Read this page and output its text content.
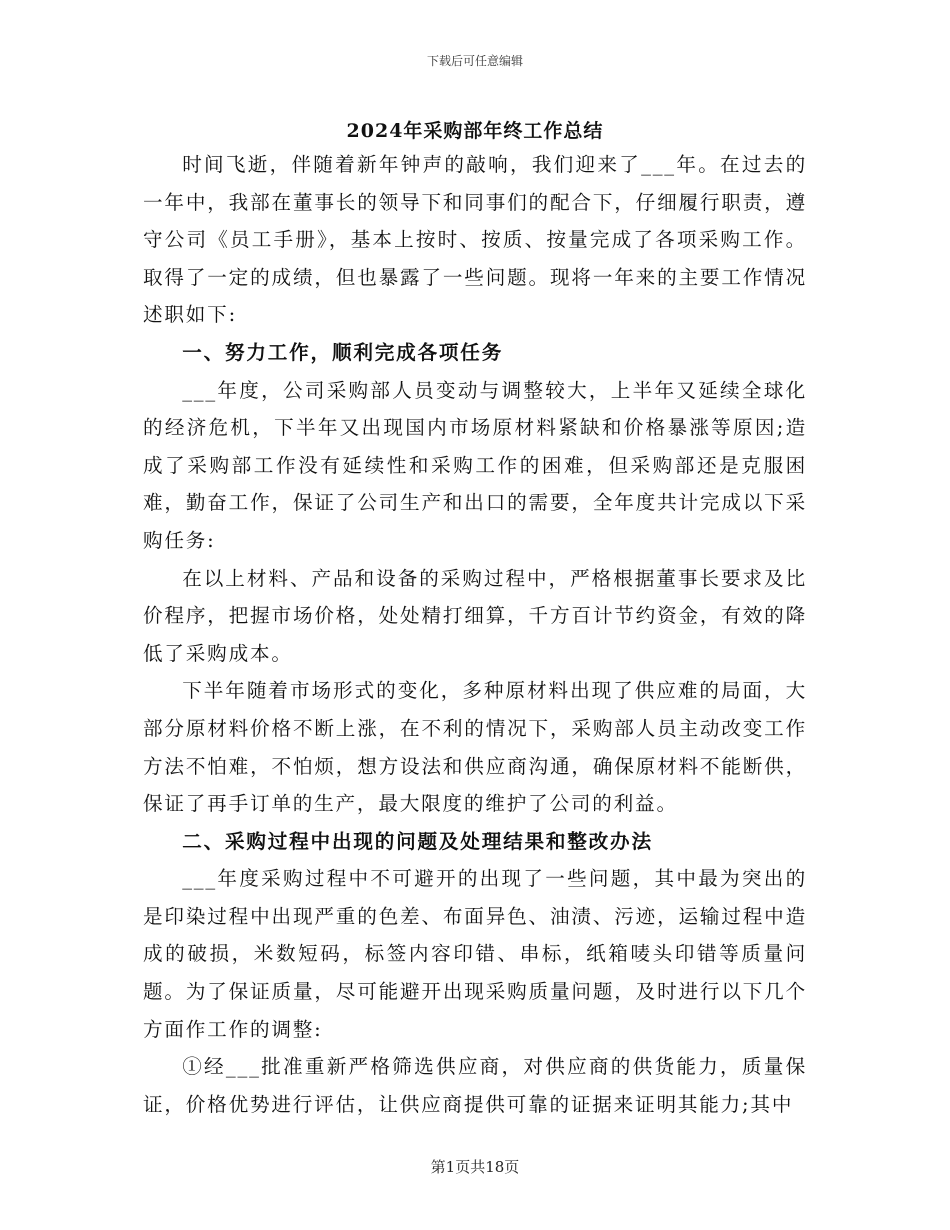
下载后可任意编辑
2024年采购部年终工作总结

时间飞逝，伴随着新年钟声的敲响，我们迎来了___年。在过去的一年中，我部在董事长的领导下和同事们的配合下，仔细履行职责，遵守公司《员工手册》，基本上按时、按质、按量完成了各项采购工作。取得了一定的成绩，但也暴露了一些问题。现将一年来的主要工作情况述职如下:

一、努力工作，顺利完成各项任务

___年度，公司采购部人员变动与调整较大，上半年又延续全球化的经济危机，下半年又出现国内市场原材料紧缺和价格暴涨等原因;造成了采购部工作没有延续性和采购工作的困难，但采购部还是克服困难，勤奋工作，保证了公司生产和出口的需要，全年度共计完成以下采购任务:

在以上材料、产品和设备的采购过程中，严格根据董事长要求及比价程序，把握市场价格，处处精打细算，千方百计节约资金，有效的降低了采购成本。

下半年随着市场形式的变化，多种原材料出现了供应难的局面，大部分原材料价格不断上涨，在不利的情况下，采购部人员主动改变工作方法不怕难，不怕烦，想方设法和供应商沟通，确保原材料不能断供，保证了再手订单的生产，最大限度的维护了公司的利益。

二、采购过程中出现的问题及处理结果和整改办法

___年度采购过程中不可避开的出现了一些问题，其中最为突出的是印染过程中出现严重的色差、布面异色、油渍、污迹，运输过程中造成的破损，米数短码，标签内容印错、串标，纸箱唛头印错等质量问题。为了保证质量，尽可能避开出现采购质量问题，及时进行以下几个方面作工作的调整:

①经___批准重新严格筛选供应商，对供应商的供货能力，质量保证，价格优势进行评估，让供应商提供可靠的证据来证明其能力;其中

第1页共18页
